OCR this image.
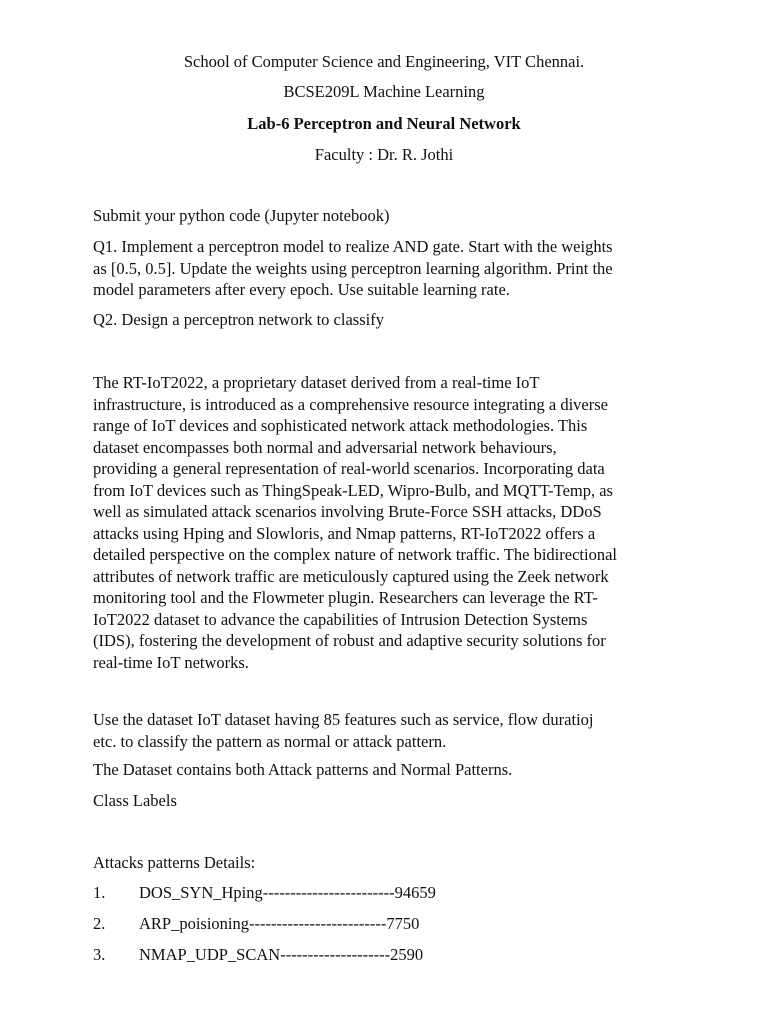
School of Computer Science and Engineering, VIT Chennai.
BCSE209L Machine Learning
Lab-6 Perceptron and Neural Network
Faculty : Dr. R. Jothi
Submit your python code (Jupyter notebook)
Q1. Implement a perceptron model to realize AND gate. Start with the weights
as [0.5, 0.5]. Update the weights using perceptron learning algorithm. Print the
model parameters after every epoch. Use suitable learning rate.
Q2. Design a perceptron network to classify
The RT-IoT2022, a proprietary dataset derived from a real-time IoT
infrastructure, is introduced as a comprehensive resource integrating a diverse
range of IoT devices and sophisticated network attack methodologies. This
dataset encompasses both normal and adversarial network behaviours,
providing a general representation of real-world scenarios. Incorporating data
from IoT devices such as ThingSpeak-LED, Wipro-Bulb, and MQTT-Temp, as
well as simulated attack scenarios involving Brute-Force SSH attacks, DDoS
attacks using Hping and Slowloris, and Nmap patterns, RT-IoT2022 offers a
detailed perspective on the complex nature of network traffic. The bidirectional
attributes of network traffic are meticulously captured using the Zeek network
monitoring tool and the Flowmeter plugin. Researchers can leverage the RT-
IoT2022 dataset to advance the capabilities of Intrusion Detection Systems
(IDS), fostering the development of robust and adaptive security solutions for
real-time IoT networks.
Use the dataset IoT dataset having 85 features such as service, flow duratioj
etc. to classify the pattern as normal or attack pattern.
The Dataset contains both Attack patterns and Normal Patterns.
Class Labels
Attacks patterns Details:
1. DOS_SYN_Hping------------------------94659
2. ARP_poisioning-------------------------7750
3. NMAP_UDP_SCAN--------------------2590
